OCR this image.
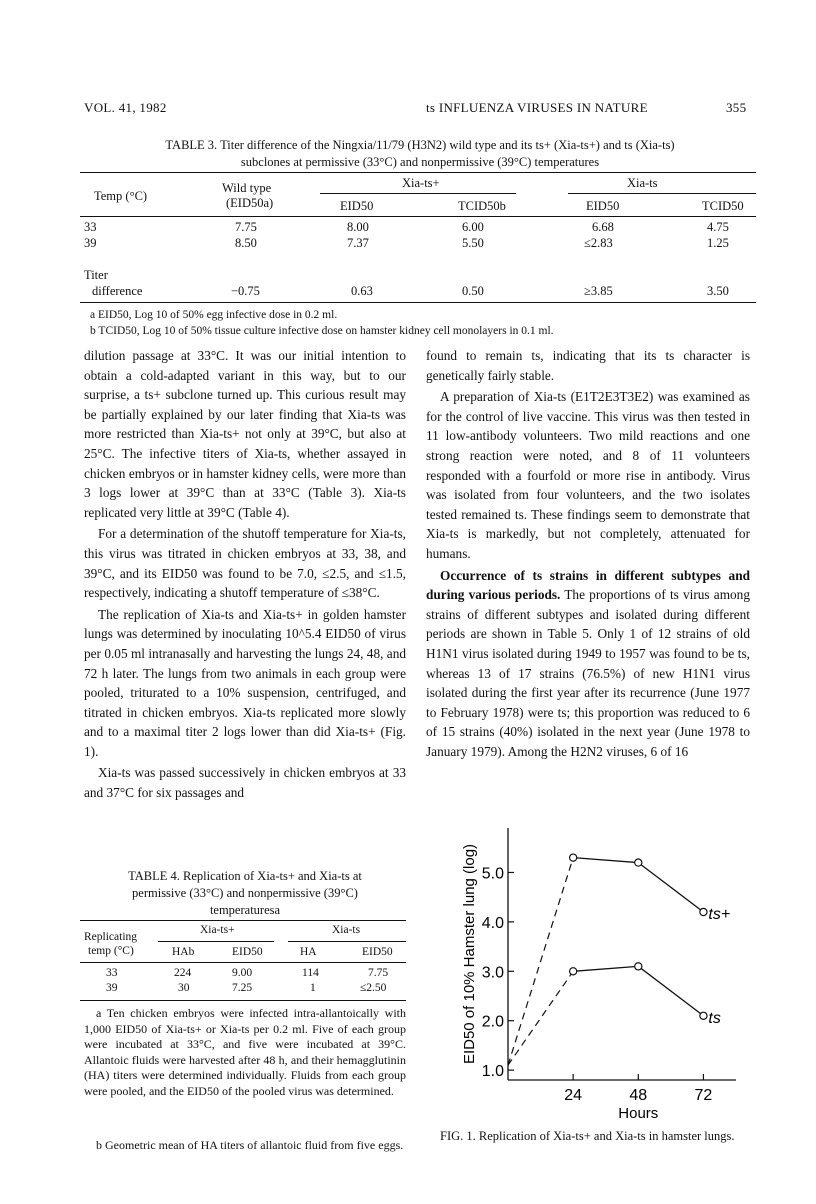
VOL. 41, 1982	ts INFLUENZA VIRUSES IN NATURE	355
TABLE 3. Titer difference of the Ningxia/11/79 (H3N2) wild type and its ts+ (Xia-ts+) and ts (Xia-ts)
subclones at permissive (33°C) and nonpermissive (39°C) temperatures
Temp (°C)
Wild type
(EID50a)
Xia-ts+	Xia-ts
EID50	TCID50b	EID50	TCID50
33	7.75	8.00	6.00	6.68	4.75
39	8.50	7.37	5.50	≤2.83	1.25
Titer
difference	−0.75	0.63	0.50	≥3.85	3.50
a EID50, Log 10 of 50% egg infective dose in 0.2 ml.
b TCID50, Log 10 of 50% tissue culture infective dose on hamster kidney cell monolayers in 0.1 ml.

dilution passage at 33°C. It was our initial intention to obtain a cold-adapted variant in this way, but to our surprise, a ts+ subclone turned up. This curious result may be partially explained by our later finding that Xia-ts was more restricted than Xia-ts+ not only at 39°C, but also at 25°C. The infective titers of Xia-ts, whether assayed in chicken embryos or in hamster kidney cells, were more than 3 logs lower at 39°C than at 33°C (Table 3). Xia-ts replicated very little at 39°C (Table 4).

For a determination of the shutoff temperature for Xia-ts, this virus was titrated in chicken embryos at 33, 38, and 39°C, and its EID50 was found to be 7.0, ≤2.5, and ≤1.5, respectively, indicating a shutoff temperature of ≤38°C.

The replication of Xia-ts and Xia-ts+ in golden hamster lungs was determined by inoculating 10^5.4 EID50 of virus per 0.05 ml intranasally and harvesting the lungs 24, 48, and 72 h later. The lungs from two animals in each group were pooled, triturated to a 10% suspension, centrifuged, and titrated in chicken embryos. Xia-ts replicated more slowly and to a maximal titer 2 logs lower than did Xia-ts+ (Fig. 1).

Xia-ts was passed successively in chicken embryos at 33 and 37°C for six passages and

found to remain ts, indicating that its ts character is genetically fairly stable.

A preparation of Xia-ts (E1T2E3T3E2) was examined as for the control of live vaccine. This virus was then tested in 11 low-antibody volunteers. Two mild reactions and one strong reaction were noted, and 8 of 11 volunteers responded with a fourfold or more rise in antibody. Virus was isolated from four volunteers, and the two isolates tested remained ts. These findings seem to demonstrate that Xia-ts is markedly, but not completely, attenuated for humans.

Occurrence of ts strains in different subtypes and during various periods. The proportions of ts virus among strains of different subtypes and isolated during different periods are shown in Table 5. Only 1 of 12 strains of old H1N1 virus isolated during 1949 to 1957 was found to be ts, whereas 13 of 17 strains (76.5%) of new H1N1 virus isolated during the first year after its recurrence (June 1977 to February 1978) were ts; this proportion was reduced to 6 of 15 strains (40%) isolated in the next year (June 1978 to January 1979). Among the H2N2 viruses, 6 of 16

TABLE 4. Replication of Xia-ts+ and Xia-ts at
permissive (33°C) and nonpermissive (39°C)
temperaturesa
Replicating
temp (°C)
Xia-ts+	Xia-ts
HAb	EID50	HA	EID50
33	224	9.00	114	7.75
39	30	7.25	1	≤2.50
a Ten chicken embryos were infected intra-allantoically with 1,000 EID50 of Xia-ts+ or Xia-ts per 0.2 ml. Five of each group were incubated at 33°C, and five were incubated at 39°C. Allantoic fluids were harvested after 48 h, and their hemagglutinin (HA) titers were determined individually. Fluids from each group were pooled, and the EID50 of the pooled virus was determined.
b Geometric mean of HA titers of allantoic fluid from five eggs.
1.0
2.0
3.0
4.0
5.0
24	48	72
Hours
EID50 of 10% Hamster lung (log)	ts+
ts
FIG. 1. Replication of Xia-ts+ and Xia-ts in hamster lungs.
